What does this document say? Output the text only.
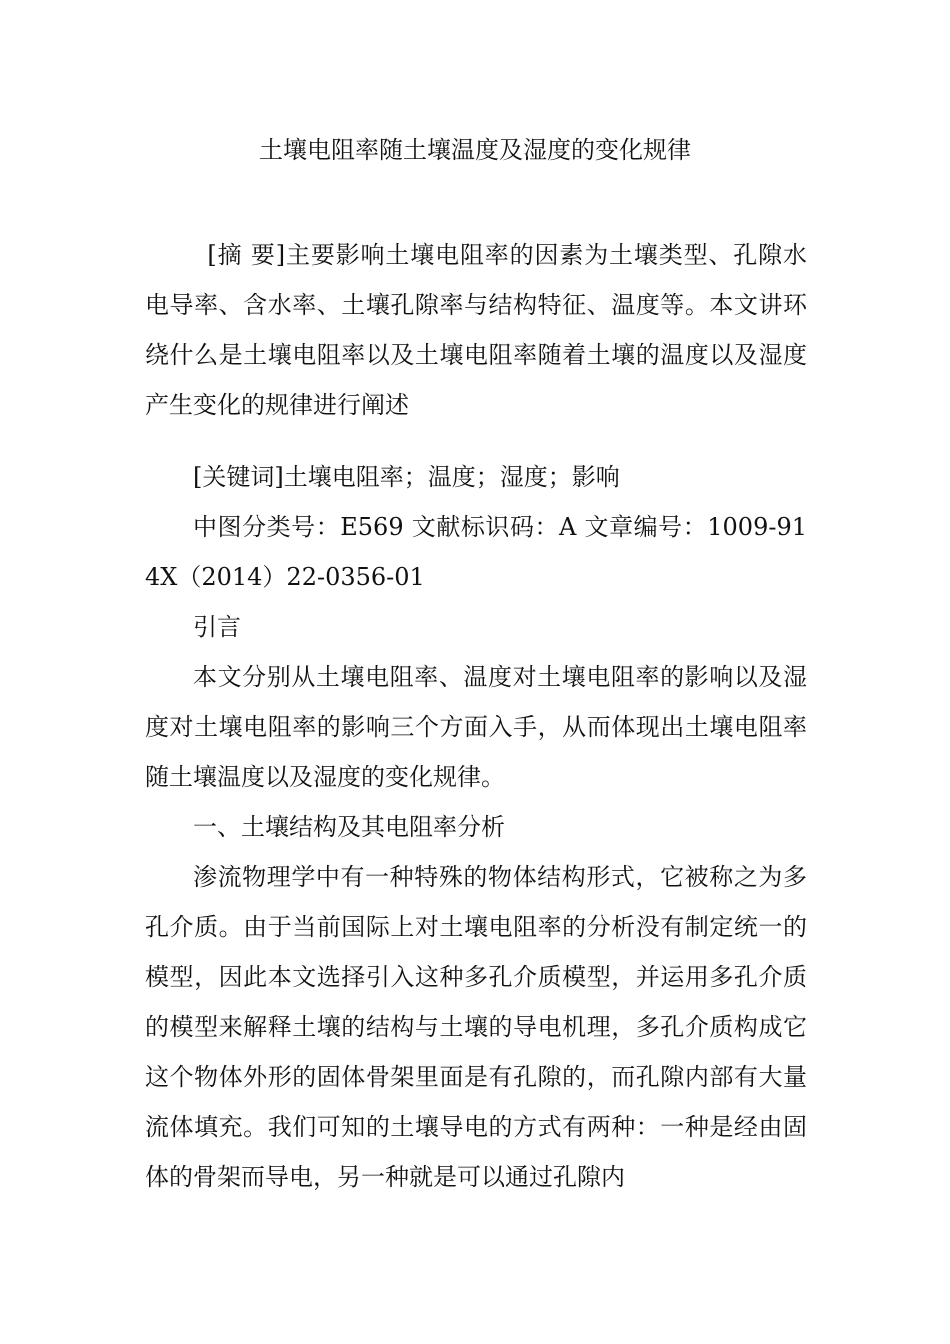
土壤电阻率随土壤温度及湿度的变化规律

[摘 要]主要影响土壤电阻率的因素为土壤类型、孔隙水电导率、含水率、土壤孔隙率与结构特征、温度等。本文讲环绕什么是土壤电阻率以及土壤电阻率随着土壤的温度以及湿度产生变化的规律进行阐述

[关键词]土壤电阻率；温度；湿度；影响

中图分类号：E569 文献标识码：A 文章编号：1009-914X（2014）22-0356-01

引言

本文分别从土壤电阻率、温度对土壤电阻率的影响以及湿度对土壤电阻率的影响三个方面入手，从而体现出土壤电阻率随土壤温度以及湿度的变化规律。

一、土壤结构及其电阻率分析

渗流物理学中有一种特殊的物体结构形式，它被称之为多孔介质。由于当前国际上对土壤电阻率的分析没有制定统一的模型，因此本文选择引入这种多孔介质模型，并运用多孔介质的模型来解释土壤的结构与土壤的导电机理，多孔介质构成它这个物体外形的固体骨架里面是有孔隙的，而孔隙内部有大量流体填充。我们可知的土壤导电的方式有两种：一种是经由固体的骨架而导电，另一种就是可以通过孔隙内
